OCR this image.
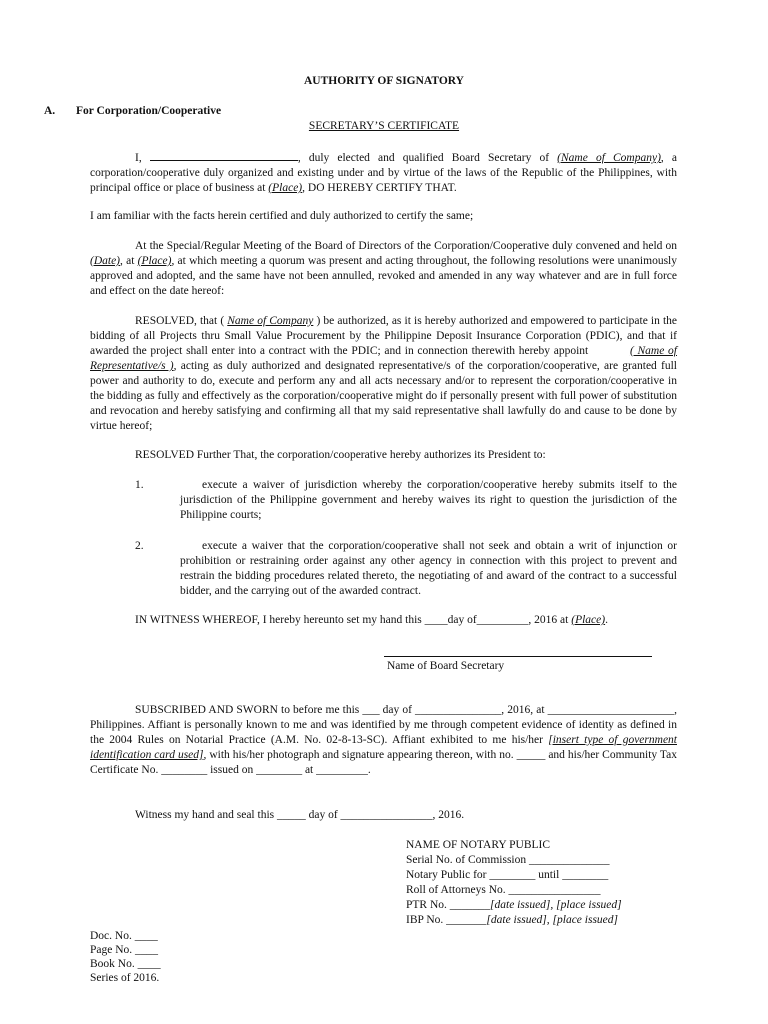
AUTHORITY OF SIGNATORY
A. For Corporation/Cooperative
SECRETARY’S CERTIFICATE
I,	, duly elected and qualified Board Secretary of (Name of Company), a corporation/cooperative duly organized and existing under and by virtue of the laws of the Republic of the Philippines, with principal office or place of business at (Place), DO HEREBY CERTIFY THAT.
I am familiar with the facts herein certified and duly authorized to certify the same;
At the Special/Regular Meeting of the Board of Directors of the Corporation/Cooperative duly convened and held on (Date), at (Place), at which meeting a quorum was present and acting throughout, the following resolutions were unanimously approved and adopted, and the same have not been annulled, revoked and amended in any way whatever and are in full force and effect on the date hereof:
RESOLVED, that ( Name of Company ) be authorized, as it is hereby authorized and empowered to participate in the bidding of all Projects thru Small Value Procurement by the Philippine Deposit Insurance Corporation (PDIC), and that if awarded the project shall enter into a contract with the PDIC; and in connection therewith hereby appoint	( Name of Representative/s ), acting as duly authorized and designated representative/s of the corporation/cooperative, are granted full power and authority to do, execute and perform any and all acts necessary and/or to represent the corporation/cooperative in the bidding as fully and effectively as the corporation/cooperative might do if personally present with full power of substitution and revocation and hereby satisfying and confirming all that my said representative shall lawfully do and cause to be done by virtue hereof;
RESOLVED Further That, the corporation/cooperative hereby authorizes its President to:
1.	execute a waiver of jurisdiction whereby the corporation/cooperative hereby submits itself to the jurisdiction of the Philippine government and hereby waives its right to question the jurisdiction of the Philippine courts;
2.	execute a waiver that the corporation/cooperative shall not seek and obtain a writ of injunction or prohibition or restraining order against any other agency in connection with this project to prevent and restrain the bidding procedures related thereto, the negotiating of and award of the contract to a successful bidder, and the carrying out of the awarded contract.
IN WITNESS WHEREOF, I hereby hereunto set my hand this ____day of_________, 2016 at (Place).
Name of Board Secretary
SUBSCRIBED AND SWORN to before me this ___ day of _______________, 2016, at ______________________, Philippines. Affiant is personally known to me and was identified by me through competent evidence of identity as defined in the 2004 Rules on Notarial Practice (A.M. No. 02-8-13-SC). Affiant exhibited to me his/her [insert type of government identification card used], with his/her photograph and signature appearing thereon, with no. _____ and his/her Community Tax Certificate No. ________ issued on ________ at _________.
Witness my hand and seal this _____ day of ________________, 2016.
NAME OF NOTARY PUBLIC
Serial No. of Commission ______________
Notary Public for ________ until ________
Roll of Attorneys No. ________________
PTR No. _______[date issued], [place issued]
IBP No. _______[date issued], [place issued]
Doc. No. ____
Page No. ____
Book No. ____
Series of 2016.
